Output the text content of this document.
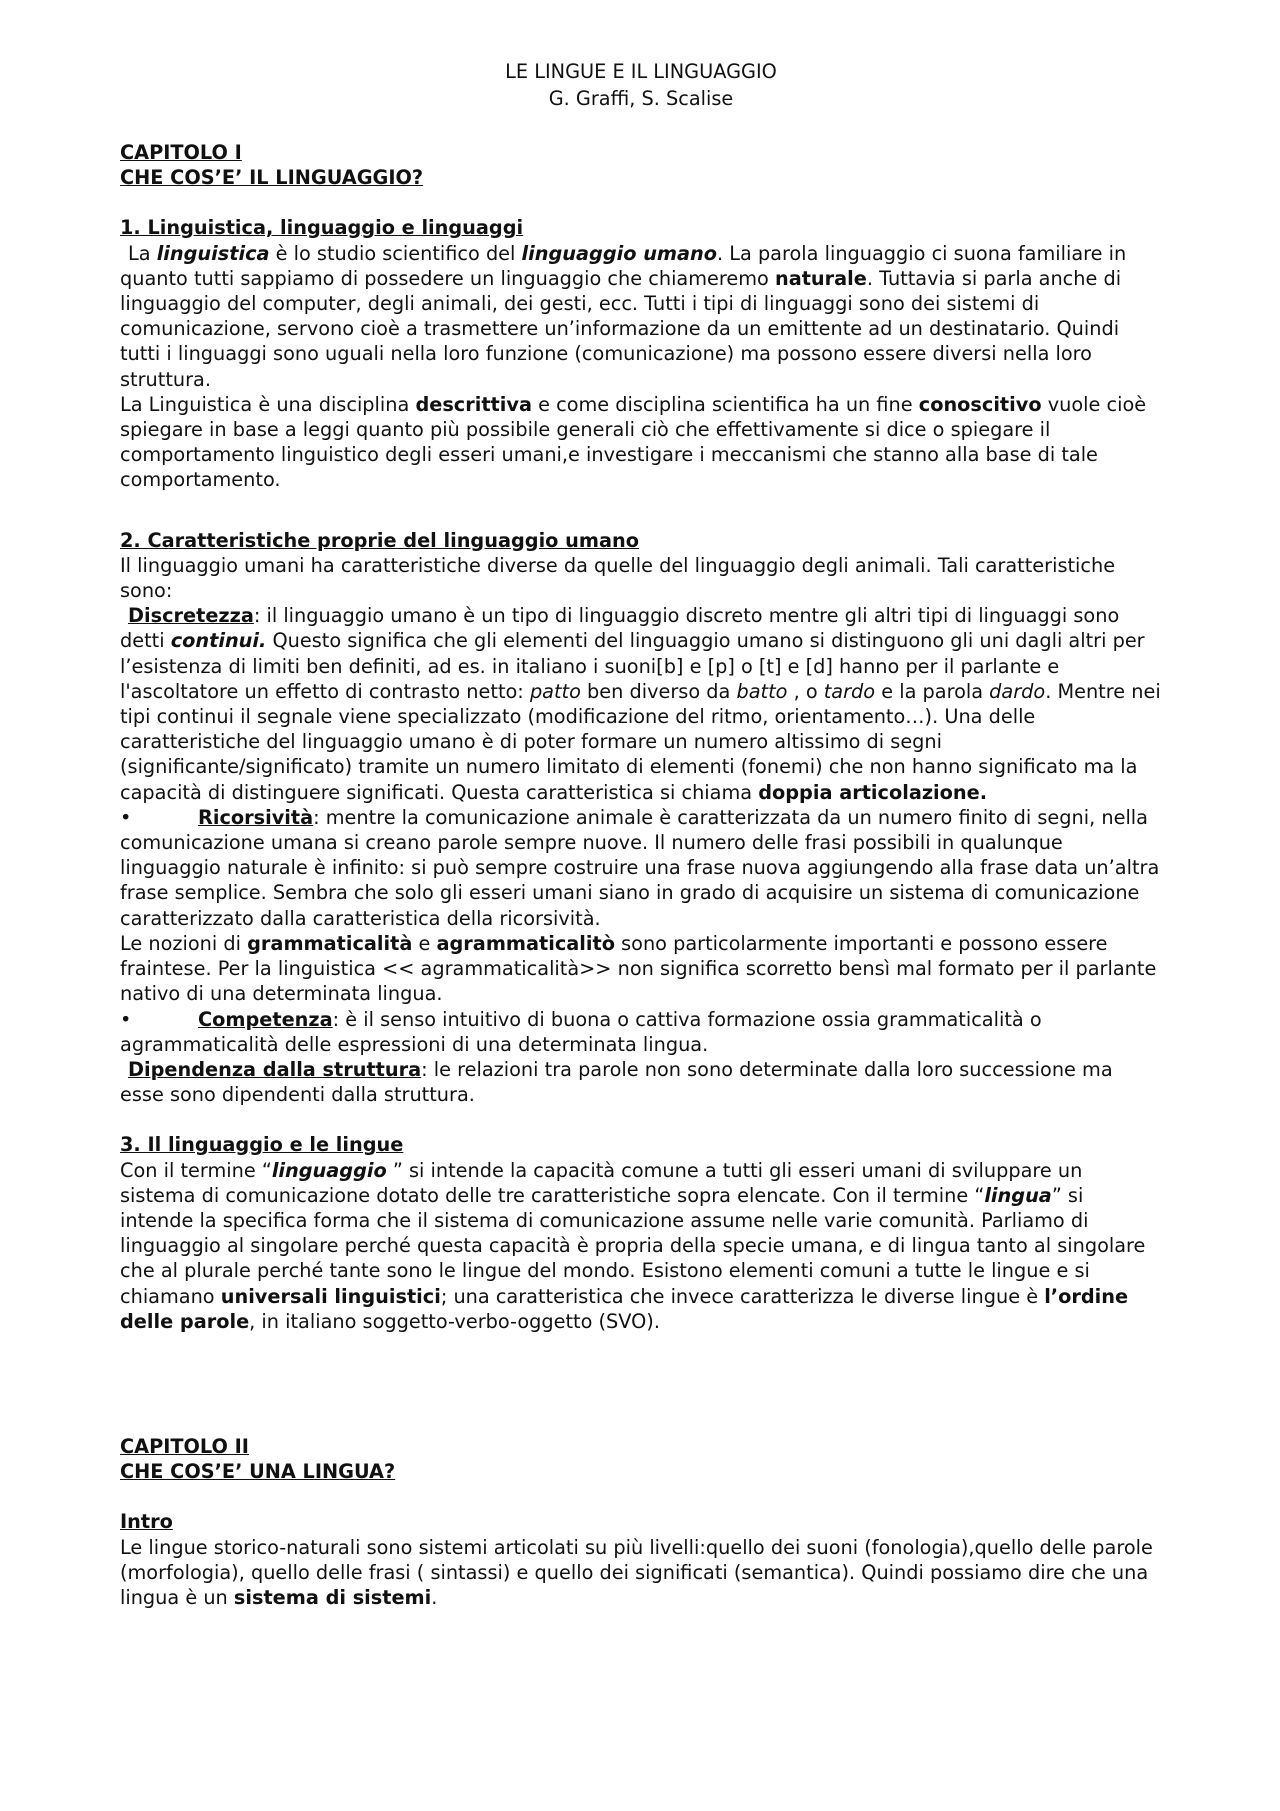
LE LINGUE E IL LINGUAGGIO
G. Graffi, S. Scalise
CAPITOLO I
CHE COS’E’ IL LINGUAGGIO?
1. Linguistica, linguaggio e linguaggi

La linguistica è lo studio scientifico del linguaggio umano. La parola linguaggio ci suona familiare in quanto tutti sappiamo di possedere un linguaggio che chiameremo naturale. Tuttavia si parla anche di linguaggio del computer, degli animali, dei gesti, ecc. Tutti i tipi di linguaggi sono dei sistemi di comunicazione, servono cioè a trasmettere un’informazione da un emittente ad un destinatario. Quindi tutti i linguaggi sono uguali nella loro funzione (comunicazione) ma possono essere diversi nella loro struttura.

La Linguistica è una disciplina descrittiva e come disciplina scientifica ha un fine conoscitivo vuole cioè spiegare in base a leggi quanto più possibile generali ciò che effettivamente si dice o spiegare il comportamento linguistico degli esseri umani,e investigare i meccanismi che stanno alla base di tale comportamento.

2. Caratteristiche proprie del linguaggio umano

Il linguaggio umani ha caratteristiche diverse da quelle del linguaggio degli animali. Tali caratteristiche sono:

Discretezza: il linguaggio umano è un tipo di linguaggio discreto mentre gli altri tipi di linguaggi sono detti continui. Questo significa che gli elementi del linguaggio umano si distinguono gli uni dagli altri per l’esistenza di limiti ben definiti, ad es. in italiano i suoni[b] e [p] o [t] e [d] hanno per il parlante e l'ascoltatore un effetto di contrasto netto: patto ben diverso da batto , o tardo e la parola dardo. Mentre nei tipi continui il segnale viene specializzato (modificazione del ritmo, orientamento…). Una delle caratteristiche del linguaggio umano è di poter formare un numero altissimo di segni (significante/significato) tramite un numero limitato di elementi (fonemi) che non hanno significato ma la capacità di distinguere significati. Questa caratteristica si chiama doppia articolazione.

•	Ricorsività: mentre la comunicazione animale è caratterizzata da un numero finito di segni, nella comunicazione umana si creano parole sempre nuove. Il numero delle frasi possibili in qualunque linguaggio naturale è infinito: si può sempre costruire una frase nuova aggiungendo alla frase data un’altra frase semplice. Sembra che solo gli esseri umani siano in grado di acquisire un sistema di comunicazione caratterizzato dalla caratteristica della ricorsività.

Le nozioni di grammaticalità e agrammaticalitò sono particolarmente importanti e possono essere fraintese. Per la linguistica << agrammaticalità>> non significa scorretto bensì mal formato per il parlante nativo di una determinata lingua.

•	Competenza: è il senso intuitivo di buona o cattiva formazione ossia grammaticalità o agrammaticalità delle espressioni di una determinata lingua.

Dipendenza dalla struttura: le relazioni tra parole non sono determinate dalla loro successione ma esse sono dipendenti dalla struttura.

3. Il linguaggio e le lingue

Con il termine “linguaggio ” si intende la capacità comune a tutti gli esseri umani di sviluppare un sistema di comunicazione dotato delle tre caratteristiche sopra elencate. Con il termine “lingua” si intende la specifica forma che il sistema di comunicazione assume nelle varie comunità. Parliamo di linguaggio al singolare perché questa capacità è propria della specie umana, e di lingua tanto al singolare che al plurale perché tante sono le lingue del mondo. Esistono elementi comuni a tutte le lingue e si chiamano universali linguistici; una caratteristica che invece caratterizza le diverse lingue è l’ordine delle parole, in italiano soggetto-verbo-oggetto (SVO).

CAPITOLO II
CHE COS’E’ UNA LINGUA?
Intro

Le lingue storico-naturali sono sistemi articolati su più livelli:quello dei suoni (fonologia),quello delle parole (morfologia), quello delle frasi ( sintassi) e quello dei significati (semantica). Quindi possiamo dire che una lingua è un sistema di sistemi.
